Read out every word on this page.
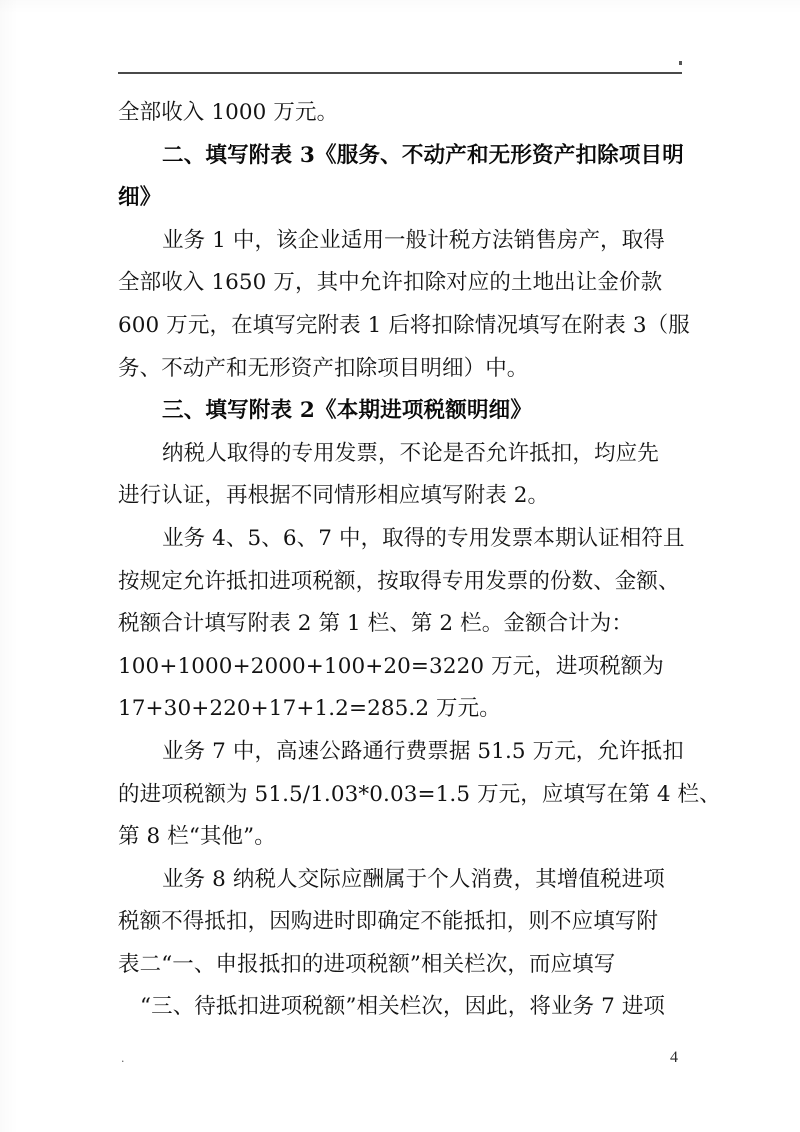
全部收入 1000 万元。
二、填写附表 3《服务、不动产和无形资产扣除项目明
细》
业务 1 中，该企业适用一般计税方法销售房产，取得
全部收入 1650 万，其中允许扣除对应的土地出让金价款
600 万元，在填写完附表 1 后将扣除情况填写在附表 3（服
务、不动产和无形资产扣除项目明细）中。
三、填写附表 2《本期进项税额明细》
纳税人取得的专用发票，不论是否允许抵扣，均应先
进行认证，再根据不同情形相应填写附表 2。
业务 4、5、6、7 中，取得的专用发票本期认证相符且
按规定允许抵扣进项税额，按取得专用发票的份数、金额、
税额合计填写附表 2 第 1 栏、第 2 栏。金额合计为：
100+1000+2000+100+20=3220 万元，进项税额为
17+30+220+17+1.2=285.2 万元。
业务 7 中，高速公路通行费票据 51.5 万元，允许抵扣
的进项税额为 51.5/1.03*0.03=1.5 万元，应填写在第 4 栏、
第 8 栏“其他”。
业务 8 纳税人交际应酬属于个人消费，其增值税进项
税额不得抵扣，因购进时即确定不能抵扣，则不应填写附
表二“一、申报抵扣的进项税额”相关栏次，而应填写
“三、待抵扣进项税额”相关栏次，因此，将业务 7 进项
·	4
